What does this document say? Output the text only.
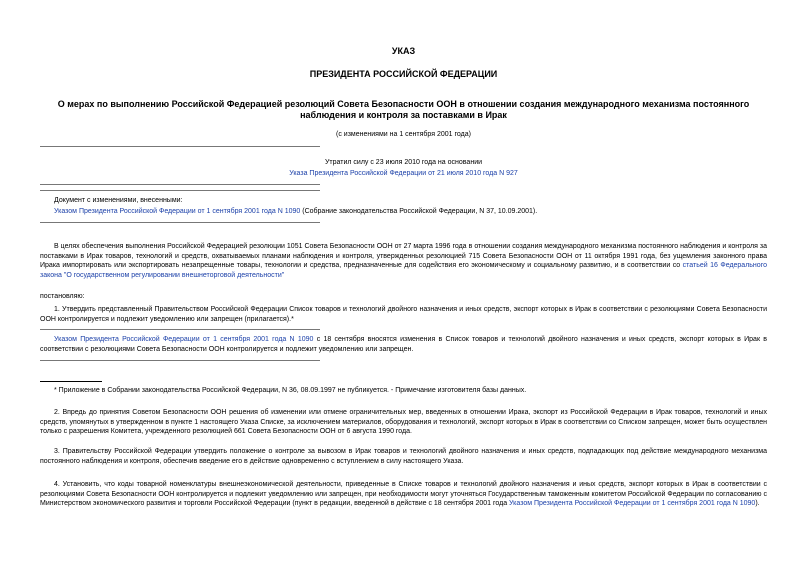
УКАЗ
ПРЕЗИДЕНТА РОССИЙСКОЙ ФЕДЕРАЦИИ
О мерах по выполнению Российской Федерацией резолюций Совета Безопасности ООН в отношении создания международного механизма постоянного
наблюдения и контроля за поставками в Ирак
(с изменениями на 1 сентября 2001 года)
Утратил силу с 23 июля 2010 года на основании
Указа Президента Российской Федерации от 21 июля 2010 года N 927
Документ с изменениями, внесенными:
Указом Президента Российской Федерации от 1 сентября 2001 года N 1090 (Собрание законодательства Российской Федерации, N 37, 10.09.2001).
В целях обеспечения выполнения Российской Федерацией резолюции 1051 Совета Безопасности ООН от 27 марта 1996 года в отношении создания международного механизма постоянного наблюдения и контроля за поставками в Ирак товаров, технологий и средств, охватываемых планами наблюдения и контроля, утвержденных резолюцией 715 Совета Безопасности ООН от 11 октября 1991 года, без ущемления законного права Ирака импортировать или экспортировать незапрещенные товары, технологии и средства, предназначенные для содействия его экономическому и социальному развитию, и в соответствии со статьей 16 Федерального закона "О государственном регулировании внешнеторговой деятельности"
постановляю:
1. Утвердить представленный Правительством Российской Федерации Список товаров и технологий двойного назначения и иных средств, экспорт которых в Ирак в соответствии с резолюциями Совета Безопасности ООН контролируется и подлежит уведомлению или запрещен (прилагается).*
Указом Президента Российской Федерации от 1 сентября 2001 года N 1090 с 18 сентября вносятся изменения в Список товаров и технологий двойного назначения и иных средств, экспорт которых в Ирак в соответствии с резолюциями Совета Безопасности ООН контролируется и подлежит уведомлению или запрещен.
* Приложение в Собрании законодательства Российской Федерации, N 36, 08.09.1997 не публикуется. - Примечание изготовителя базы данных.
2. Впредь до принятия Советом Безопасности ООН решения об изменении или отмене ограничительных мер, введенных в отношении Ирака, экспорт из Российской Федерации в Ирак товаров, технологий и иных средств, упомянутых в утвержденном в пункте 1 настоящего Указа Списке, за исключением материалов, оборудования и технологий, экспорт которых в Ирак в соответствии со Списком запрещен, может быть осуществлен только с разрешения Комитета, учрежденного резолюцией 661 Совета Безопасности ООН от 6 августа 1990 года.
3. Правительству Российской Федерации утвердить положение о контроле за вывозом в Ирак товаров и технологий двойного назначения и иных средств, подпадающих под действие международного механизма постоянного наблюдения и контроля, обеспечив введение его в действие одновременно с вступлением в силу настоящего Указа.
4. Установить, что коды товарной номенклатуры внешнеэкономической деятельности, приведенные в Списке товаров и технологий двойного назначения и иных средств, экспорт которых в Ирак в соответствии с резолюциями Совета Безопасности ООН контролируется и подлежит уведомлению или запрещен, при необходимости могут уточняться Государственным таможенным комитетом Российской Федерации по согласованию с Министерством экономического развития и торговли Российской Федерации (пункт в редакции, введенной в действие с 18 сентября 2001 года Указом Президента Российской Федерации от 1 сентября 2001 года N 1090).
